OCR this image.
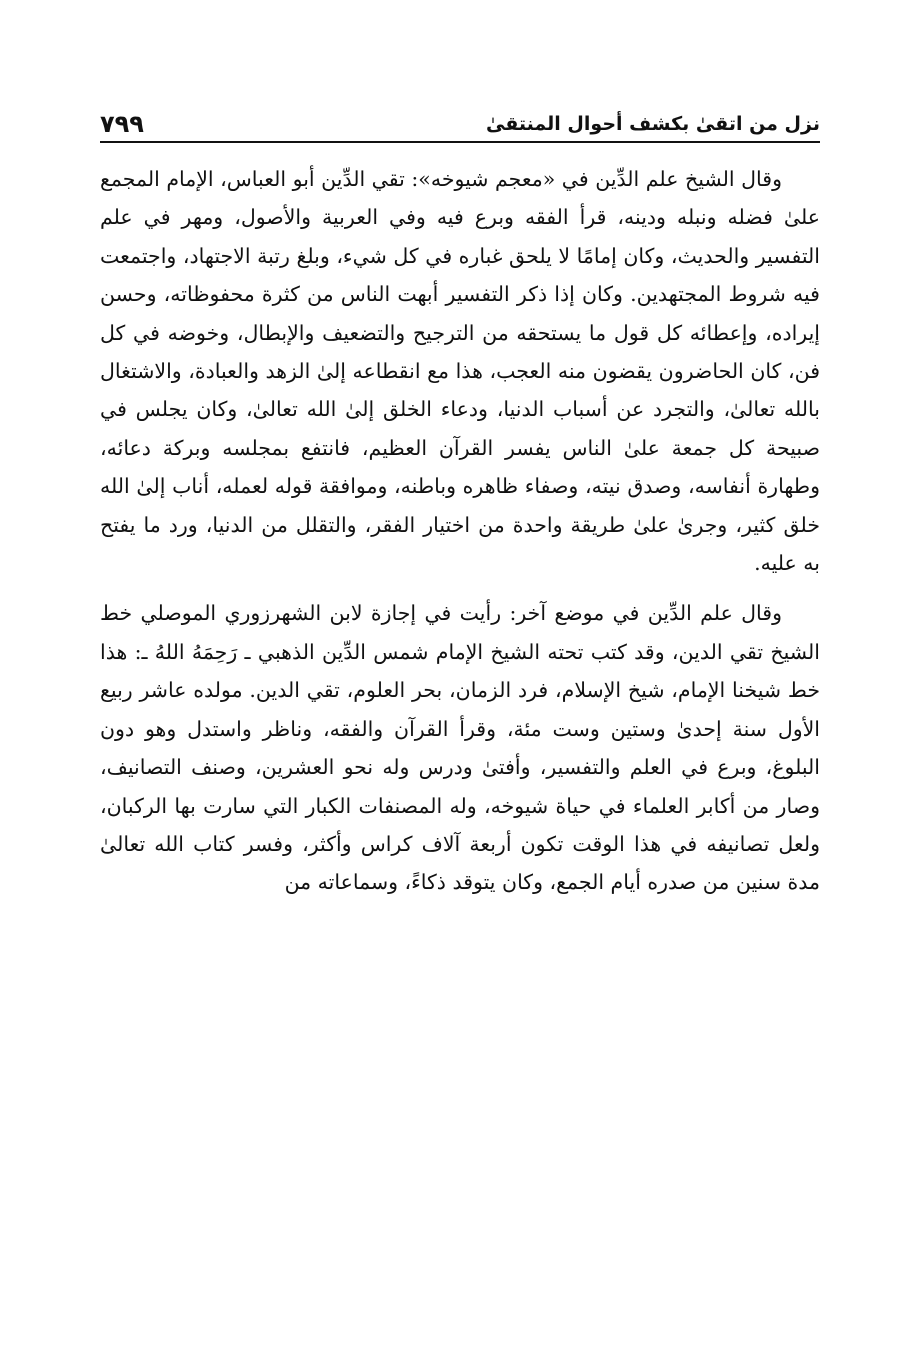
نزل من اتقىٰ بكشف أحوال المنتقىٰ
٧٩٩

وقال الشيخ علم الدِّين في «معجم شيوخه»: تقي الدِّين أبو العباس، الإمام المجمع علىٰ فضله ونبله ودينه، قرأ الفقه وبرع فيه وفي العربية والأصول، ومهر في علم التفسير والحديث، وكان إمامًا لا يلحق غباره في كل شيء، وبلغ رتبة الاجتهاد، واجتمعت فيه شروط المجتهدين. وكان إذا ذكر التفسير أبهت الناس من كثرة محفوظاته، وحسن إيراده، وإعطائه كل قول ما يستحقه من الترجيح والتضعيف والإبطال، وخوضه في كل فن، كان الحاضرون يقضون منه العجب، هذا مع انقطاعه إلىٰ الزهد والعبادة، والاشتغال بالله تعالىٰ، والتجرد عن أسباب الدنيا، ودعاء الخلق إلىٰ الله تعالىٰ، وكان يجلس في صبيحة كل جمعة علىٰ الناس يفسر القرآن العظيم، فانتفع بمجلسه وبركة دعائه، وطهارة أنفاسه، وصدق نيته، وصفاء ظاهره وباطنه، وموافقة قوله لعمله، أناب إلىٰ الله خلق كثير، وجرىٰ علىٰ طريقة واحدة من اختيار الفقر، والتقلل من الدنيا، ورد ما يفتح به عليه.

وقال علم الدِّين في موضع آخر: رأيت في إجازة لابن الشهرزوري الموصلي خط الشيخ تقي الدين، وقد كتب تحته الشيخ الإمام شمس الدِّين الذهبي ـ رَحِمَهُ اللهُ ـ: هذا خط شيخنا الإمام، شيخ الإسلام، فرد الزمان، بحر العلوم، تقي الدين. مولده عاشر ربيع الأول سنة إحدىٰ وستين وست مئة، وقرأ القرآن والفقه، وناظر واستدل وهو دون البلوغ، وبرع في العلم والتفسير، وأفتىٰ ودرس وله نحو العشرين، وصنف التصانيف، وصار من أكابر العلماء في حياة شيوخه، وله المصنفات الكبار التي سارت بها الركبان، ولعل تصانيفه في هذا الوقت تكون أربعة آلاف كراس وأكثر، وفسر كتاب الله تعالىٰ مدة سنين من صدره أيام الجمع، وكان يتوقد ذكاءً، وسماعاته من
